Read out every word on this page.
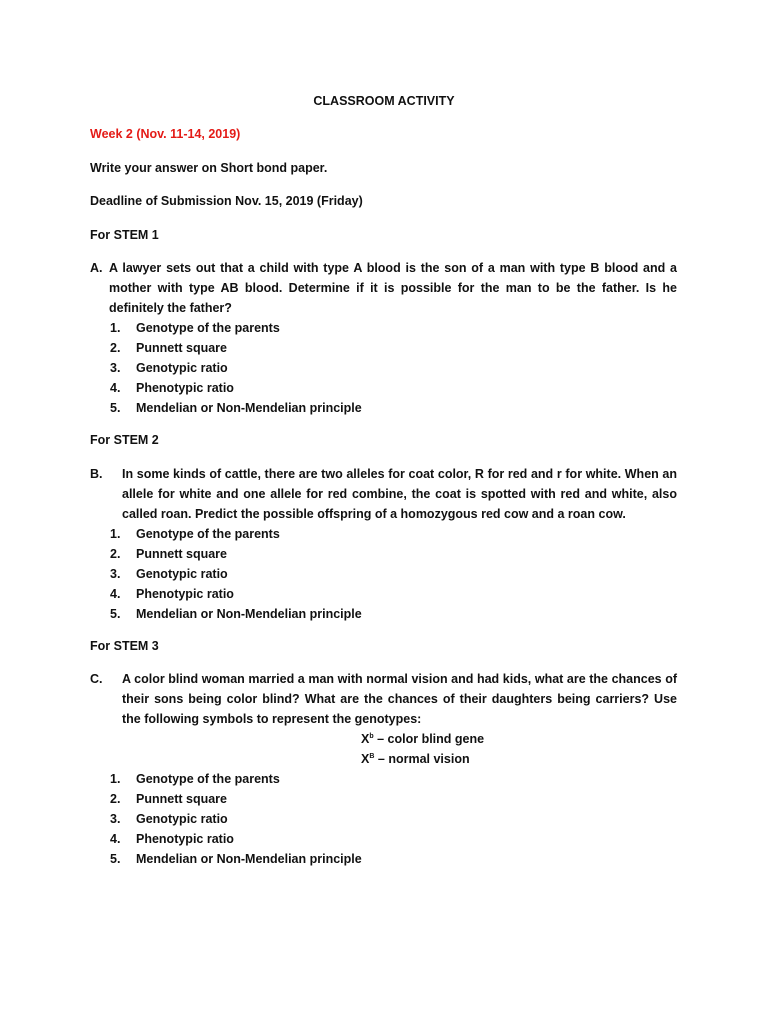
CLASSROOM ACTIVITY
Week 2 (Nov. 11-14, 2019)
Write your answer on Short bond paper.
Deadline of Submission Nov. 15, 2019 (Friday)
For STEM 1
A. A lawyer sets out that a child with type A blood is the son of a man with type B blood and a mother with type AB blood. Determine if it is possible for the man to be the father. Is he definitely the father?
1. Genotype of the parents
2. Punnett square
3. Genotypic ratio
4. Phenotypic ratio
5. Mendelian or Non-Mendelian principle
For STEM 2
B. In some kinds of cattle, there are two alleles for coat color, R for red and r for white. When an allele for white and one allele for red combine, the coat is spotted with red and white, also called roan. Predict the possible offspring of a homozygous red cow and a roan cow.
1. Genotype of the parents
2. Punnett square
3. Genotypic ratio
4. Phenotypic ratio
5. Mendelian or Non-Mendelian principle
For STEM 3
C. A color blind woman married a man with normal vision and had kids, what are the chances of their sons being color blind? What are the chances of their daughters being carriers? Use the following symbols to represent the genotypes:
$X^b$ – color blind gene
$X^B$ – normal vision
1. Genotype of the parents
2. Punnett square
3. Genotypic ratio
4. Phenotypic ratio
5. Mendelian or Non-Mendelian principle
